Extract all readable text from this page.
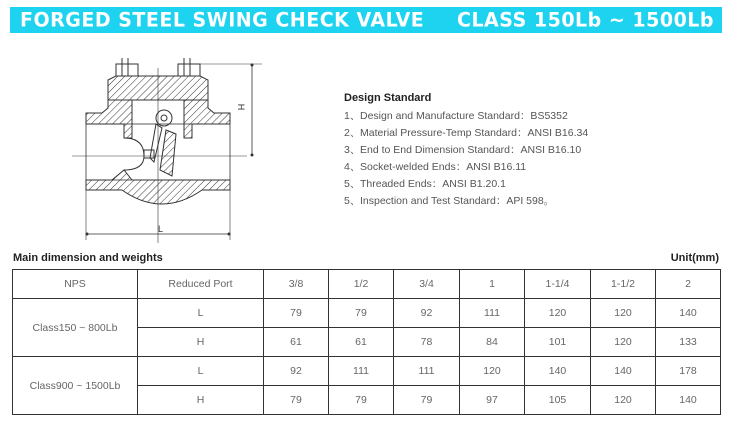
FORGED STEEL SWING CHECK VALVE CLASS 150Lb ~ 1500Lb
H
L
Design Standard
1、Design and Manufacture Standard：BS5352
2、Material Pressure-Temp Standard：ANSI B16.34
3、End to End Dimension Standard：ANSI B16.10
4、Socket-welded Ends：ANSI B16.11
5、Threaded Ends：ANSI B1.20.1
5、Inspection and Test Standard：API 598。
Main dimension and weights	Unit(mm)
NPS	Reduced Port	3/8	1/2	3/4	1	1-1/4	1-1/2	2
Class150 ~ 800Lb	L	79	79	92	111	120	120	140
	H	61	61	78	84	101	120	133
Class900 ~ 1500Lb	L	92	111	111	120	140	140	178
	H	79	79	79	97	105	120	140
